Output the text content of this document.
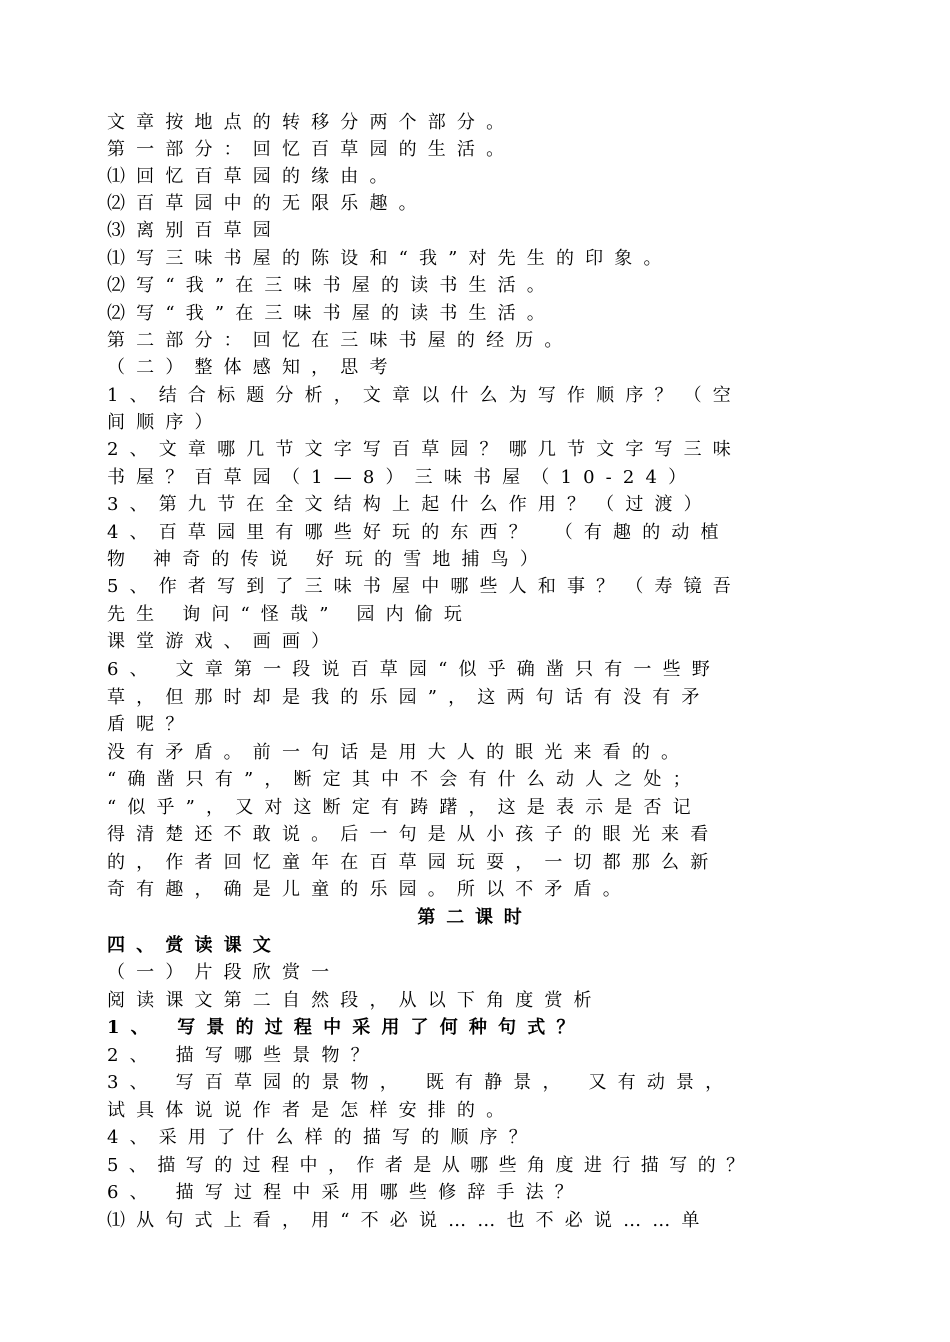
文章按地点的转移分两个部分。
第一部分：回忆百草园的生活。
⑴回忆百草园的缘由。
⑵百草园中的无限乐趣。
⑶离别百草园
⑴写三味书屋的陈设和“我”对先生的印象。
⑵写“我”在三味书屋的读书生活。
⑵写“我”在三味书屋的读书生活。
第二部分：回忆在三味书屋的经历。
（二）整体感知，思考
1、结合标题分析，文章以什么为写作顺序？（空
间顺序）
2、文章哪几节文字写百草园？哪几节文字写三味
书屋？百草园（1—8）三味书屋（10-24）
3、第九节在全文结构上起什么作用？（过渡）
4、百草园里有哪些好玩的东西？ （有趣的动植
物 神奇的传说 好玩的雪地捕鸟）
5、作者写到了三味书屋中哪些人和事？（寿镜吾
先生 询问“怪哉” 园内偷玩
课堂游戏、画画）
6、 文章第一段说百草园“似乎确凿只有一些野
草，但那时却是我的乐园”，这两句话有没有矛
盾呢？
没有矛盾。前一句话是用大人的眼光来看的。
“确凿只有”，断定其中不会有什么动人之处；
“似乎”，又对这断定有踌躇，这是表示是否记
得清楚还不敢说。后一句是从小孩子的眼光来看
的，作者回忆童年在百草园玩耍，一切都那么新
奇有趣，确是儿童的乐园。所以不矛盾。
第二课时
四、赏读课文
（一）片段欣赏一
阅读课文第二自然段，从以下角度赏析
1、 写景的过程中采用了何种句式？
2、 描写哪些景物？
3、 写百草园的景物， 既有静景， 又有动景，
试具体说说作者是怎样安排的。
4、采用了什么样的描写的顺序？
5、描写的过程中，作者是从哪些角度进行描写的？
6、 描写过程中采用哪些修辞手法？
⑴从句式上看，用“不必说……也不必说……单
